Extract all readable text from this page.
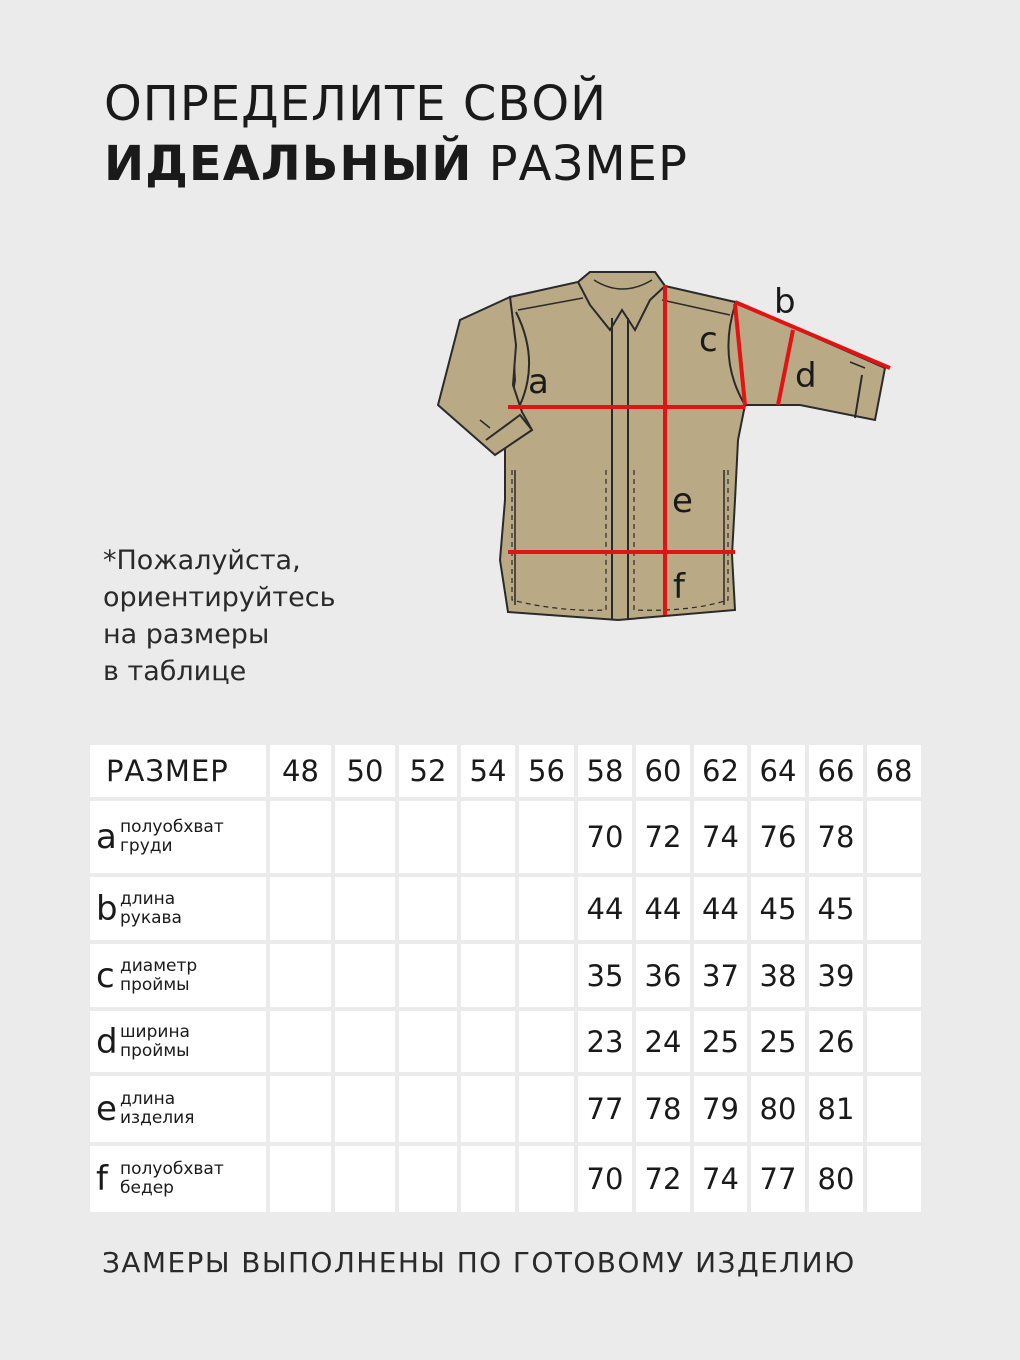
ОПРЕДЕЛИТЕ СВОЙ
ИДЕАЛЬНЫЙ РАЗМЕР
*Пожалуйста,
ориентируйтесь
на размеры
в таблице
a
b
c
d
e
f
РАЗМЕР	48	50	52	54	56	58	60	62	64	66	68
a полуобхват груди						70	72	74	76	78	
b длина рукава						44	44	44	45	45	
c диаметр проймы						35	36	37	38	39	
d ширина проймы						23	24	25	25	26	
e длина изделия						77	78	79	80	81	
f полуобхват бедер						70	72	74	77	80	
ЗАМЕРЫ ВЫПОЛНЕНЫ ПО ГОТОВОМУ ИЗДЕЛИЮ
